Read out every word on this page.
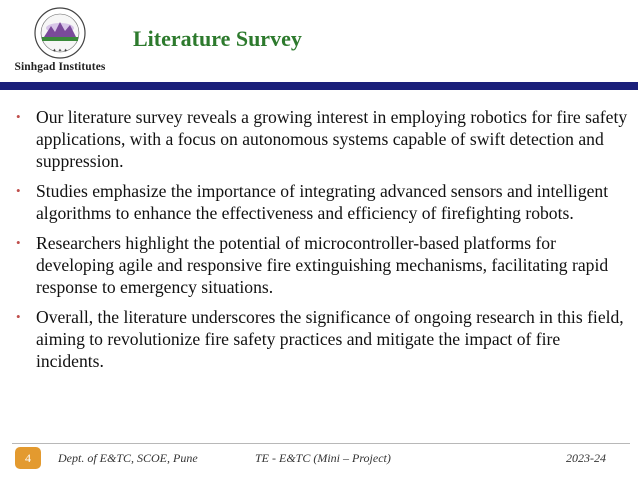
✦ ✦ ✦
Sinhgad Institutes
Literature Survey
• Our literature survey reveals a growing interest in employing robotics for fire safety applications, with a focus on autonomous systems capable of swift detection and suppression.
• Studies emphasize the importance of integrating advanced sensors and intelligent algorithms to enhance the effectiveness and efficiency of firefighting robots.
• Researchers highlight the potential of microcontroller-based platforms for developing agile and responsive fire extinguishing mechanisms, facilitating rapid response to emergency situations.
• Overall, the literature underscores the significance of ongoing research in this field, aiming to revolutionize fire safety practices and mitigate the impact of fire incidents.
4	Dept. of E&TC, SCOE, Pune	TE - E&TC (Mini – Project)	2023-24
